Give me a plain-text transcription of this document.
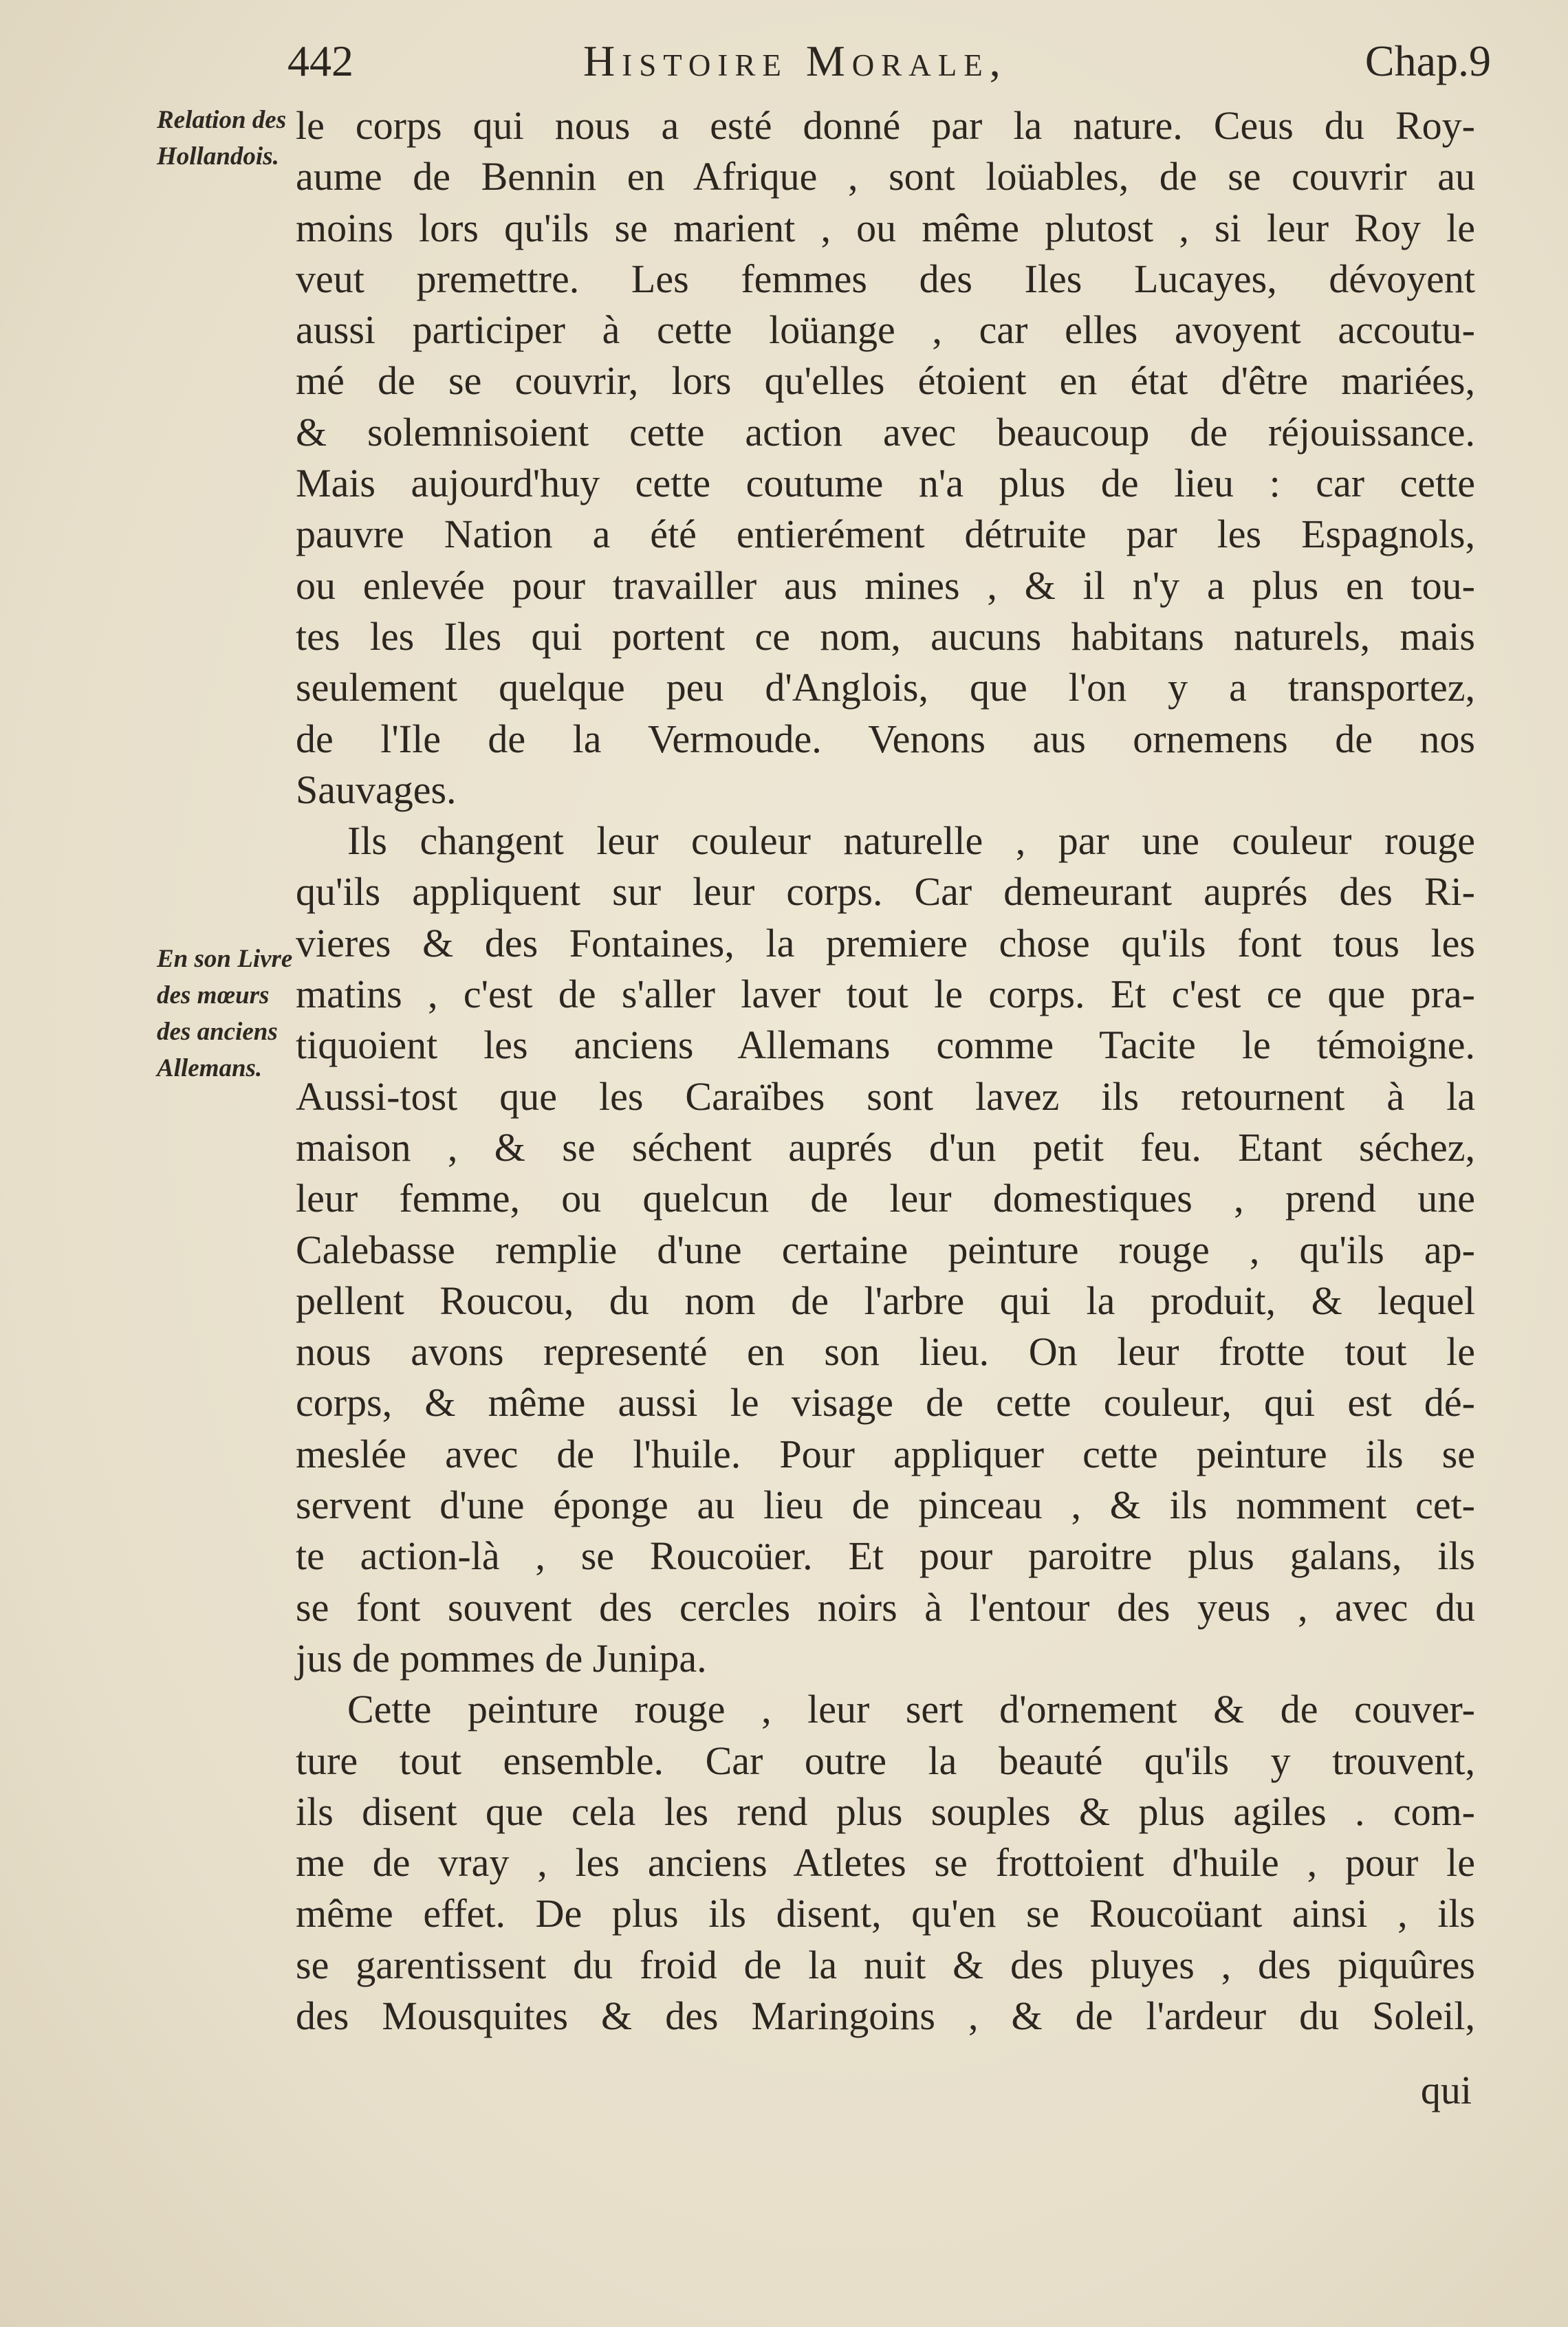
442	Histoire Morale,	Chap.9
Relation des Hollandois.
En son Livre des mœurs des anciens Allemans.
le corps qui nous a esté donné par la nature. Ceus du Roy-
aume de Bennin en Afrique , sont loüables, de se couvrir au
moins lors qu'ils se marient , ou même plutost , si leur Roy le
veut premettre. Les femmes des Iles Lucayes, dévoyent
aussi participer à cette loüange , car elles avoyent accoutu-
mé de se couvrir, lors qu'elles étoient en état d'être mariées,
& solemnisoient cette action avec beaucoup de réjouissance.
Mais aujourd'huy cette coutume n'a plus de lieu : car cette
pauvre Nation a été entierément détruite par les Espagnols,
ou enlevée pour travailler aus mines , & il n'y a plus en tou-
tes les Iles qui portent ce nom, aucuns habitans naturels, mais
seulement quelque peu d'Anglois, que l'on y a transportez,
de l'Ile de la Vermoude. Venons aus ornemens de nos
Sauvages.
Ils changent leur couleur naturelle , par une couleur rouge
qu'ils appliquent sur leur corps. Car demeurant auprés des Ri-
vieres & des Fontaines, la premiere chose qu'ils font tous les
matins , c'est de s'aller laver tout le corps. Et c'est ce que pra-
tiquoient les anciens Allemans comme Tacite le témoigne.
Aussi-tost que les Caraïbes sont lavez ils retournent à la
maison , & se séchent auprés d'un petit feu. Etant séchez,
leur femme, ou quelcun de leur domestiques , prend une
Calebasse remplie d'une certaine peinture rouge , qu'ils ap-
pellent Roucou, du nom de l'arbre qui la produit, & lequel
nous avons representé en son lieu. On leur frotte tout le
corps, & même aussi le visage de cette couleur, qui est dé-
meslée avec de l'huile. Pour appliquer cette peinture ils se
servent d'une éponge au lieu de pinceau , & ils nomment cet-
te action-là , se Roucoüer. Et pour paroitre plus galans, ils
se font souvent des cercles noirs à l'entour des yeus , avec du
jus de pommes de Junipa.
Cette peinture rouge , leur sert d'ornement & de couver-
ture tout ensemble. Car outre la beauté qu'ils y trouvent,
ils disent que cela les rend plus souples & plus agiles . com-
me de vray , les anciens Atletes se frottoient d'huile , pour le
même effet. De plus ils disent, qu'en se Roucoüant ainsi , ils
se garentissent du froid de la nuit & des pluyes , des piquûres
des Mousquites & des Maringoins , & de l'ardeur du Soleil,
qui
